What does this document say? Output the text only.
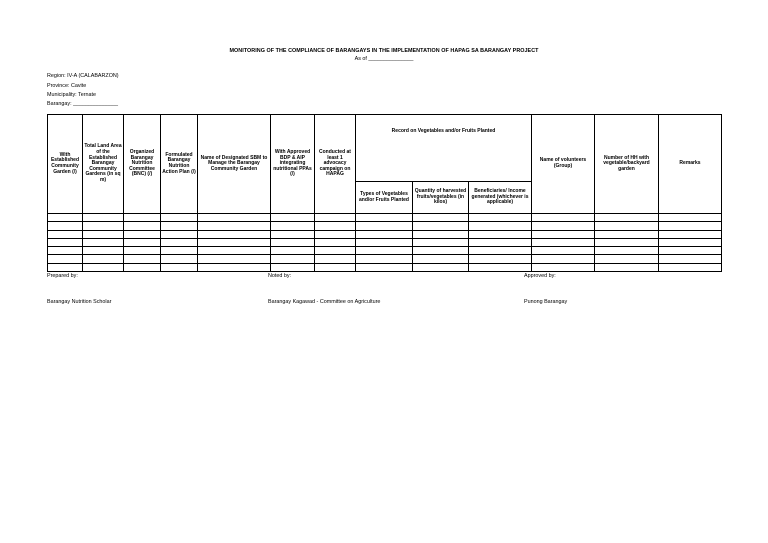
MONITORING OF THE COMPLIANCE OF BARANGAYS IN THE IMPLEMENTATION OF HAPAG SA BARANGAY PROJECT
As of _______________
Region: IV-A (CALABARZON)
Province: Cavite
Municipality: Ternate
Barangay: _______________
With Established Community Garden (/)	Total Land Area of the Established Barangay Community Gardens (in sq m)	Organized Barangay Nutrition Committee (BNC) (/)	Formulated Barangay Nutrition Action Plan (/)	Name of Designated SBM to Manage the Barangay Community Garden	With Approved BDP & AIP integrating nutritional PPAs (/)	Conducted at least 1 advocacy campaign on HAPAG	Record on Vegetables and/or Fruits Planted			Name of volunteers (Group)	Number of HH with vegetable/backyard garden	Remarks
							Types of Vegetables and/or Fruits Planted	Quantity of harvested fruits/vegetables (in kilos)	Beneficiaries/ Income generated (whichever is applicable)			

Prepared by:	Noted by:	Approved by:
Barangay Nutrition Scholar	Barangay Kagawad - Committee on Agriculture	Punong Barangay
